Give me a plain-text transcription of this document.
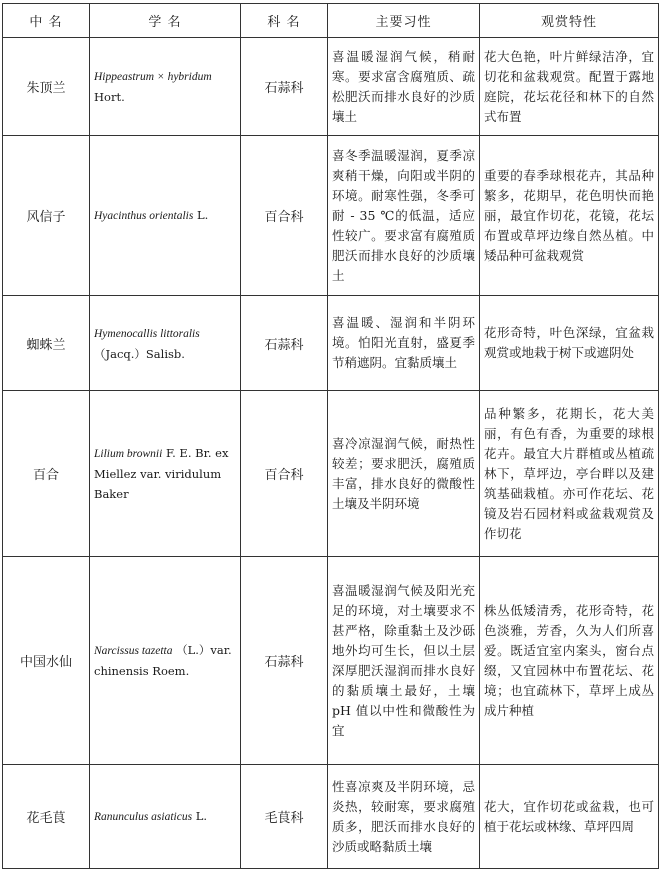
中 名	学 名	科 名	主要习性	观赏特性
朱顶兰	Hippeastrum × hybridum Hort.	石蒜科	喜温暖湿润气候，稍耐寒。要求富含腐殖质、疏松肥沃而排水良好的沙质壤土	花大色艳，叶片鲜绿洁净，宜切花和盆栽观赏。配置于露地庭院，花坛花径和林下的自然式布置
风信子	Hyacinthus orientalis L.	百合科	喜冬季温暖湿润，夏季凉爽稍干燥，向阳或半阴的环境。耐寒性强，冬季可耐 - 35 ℃的低温，适应性较广。要求富有腐殖质肥沃而排水良好的沙质壤土	重要的春季球根花卉，其品种繁多，花期早，花色明快而艳丽，最宜作切花，花镜，花坛布置或草坪边缘自然丛植。中矮品种可盆栽观赏
蜘蛛兰	Hymenocallis littoralis （Jacq.）Salisb.	石蒜科	喜温暖、湿润和半阴环境。怕阳光直射，盛夏季节稍遮阴。宜黏质壤土	花形奇特，叶色深绿，宜盆栽观赏或地栽于树下或遮阴处
百合	Lilium brownii F. E. Br. ex Miellez var. viridulum Baker	百合科	喜冷凉湿润气候，耐热性较差；要求肥沃，腐殖质丰富，排水良好的微酸性土壤及半阴环境	品种繁多，花期长，花大美丽，有色有香，为重要的球根花卉。最宜大片群植或丛植疏林下，草坪边，亭台畔以及建筑基础栽植。亦可作花坛、花镜及岩石园材料或盆栽观赏及作切花
中国水仙	Narcissus tazetta （L.）var. chinensis Roem.	石蒜科	喜温暖湿润气候及阳光充足的环境，对土壤要求不甚严格，除重黏土及沙砾地外均可生长，但以土层深厚肥沃湿润而排水良好的黏质壤土最好，土壤 pH 值以中性和微酸性为宜	株丛低矮清秀，花形奇特，花色淡雅，芳香，久为人们所喜爱。既适宜室内案头，窗台点缀，又宜园林中布置花坛、花境；也宜疏林下，草坪上成丛成片种植
花毛茛	Ranunculus asiaticus L.	毛茛科	性喜凉爽及半阴环境，忌炎热，较耐寒，要求腐殖质多，肥沃而排水良好的沙质或略黏质土壤	花大，宜作切花或盆栽，也可植于花坛或林缘、草坪四周
